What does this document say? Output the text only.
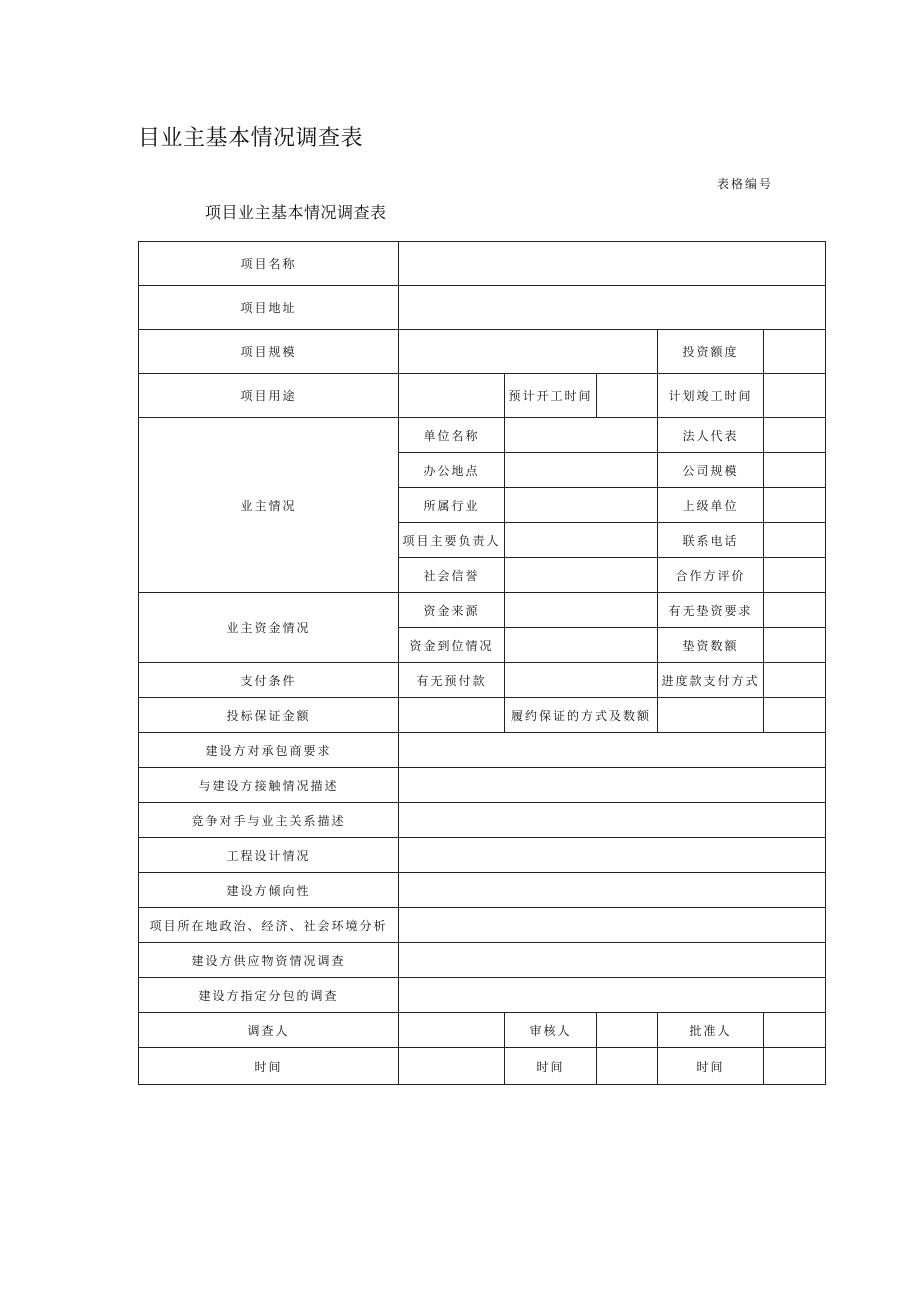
目业主基本情况调查表
表格编号
项目业主基本情况调查表
项目名称					
项目地址					
项目规模				投资额度	
项目用途		预计开工时间		计划竣工时间	
业主情况	单位名称			法人代表	
	办公地点			公司规模	
	所属行业			上级单位	
	项目主要负责人			联系电话	
	社会信誉			合作方评价	
业主资金情况	资金来源			有无垫资要求	
	资金到位情况			垫资数额	
支付条件	有无预付款			进度款支付方式	
投标保证金额		履约保证的方式及数额			
建设方对承包商要求					
与建设方接触情况描述					
竞争对手与业主关系描述					
工程设计情况					
建设方倾向性					
项目所在地政治、经济、社会环境分析					
建设方供应物资情况调查					
建设方指定分包的调查					
调查人		审核人		批准人	
时间		时间		时间	
